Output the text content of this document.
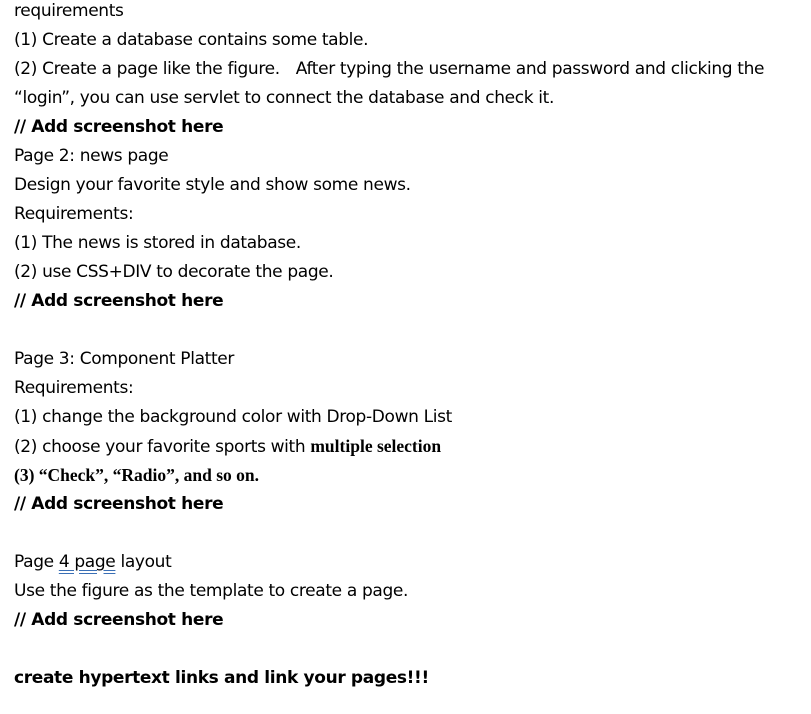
requirements
(1) Create a database contains some table.
(2) Create a page like the figure. After typing the username and password and clicking the
“login”, you can use servlet to connect the database and check it.
// Add screenshot here
Page 2: news page
Design your favorite style and show some news.
Requirements:
(1) The news is stored in database.
(2) use CSS+DIV to decorate the page.
// Add screenshot here
Page 3: Component Platter
Requirements:
(1) change the background color with Drop-Down List
(2) choose your favorite sports with multiple selection
(3) “Check”, “Radio”, and so on.
// Add screenshot here
Page 4 page layout
Use the figure as the template to create a page.
// Add screenshot here
create hypertext links and link your pages!!!
